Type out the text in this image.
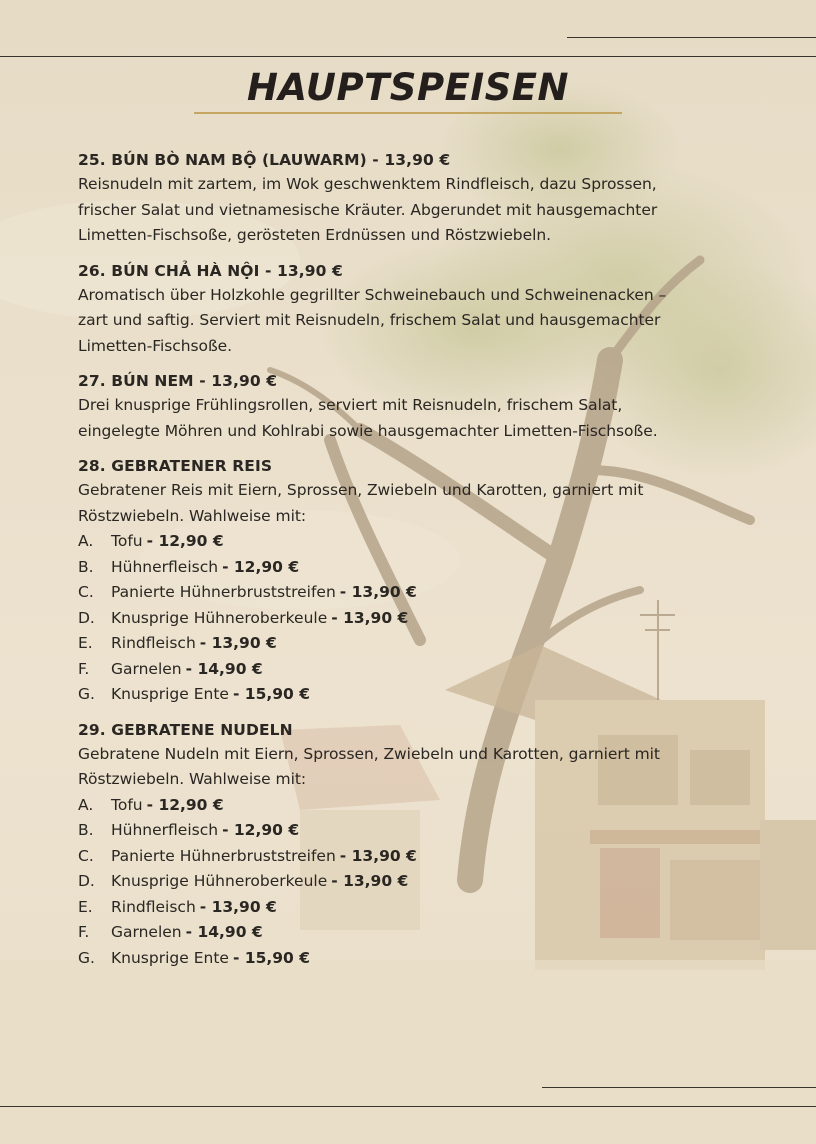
HAUPTSPEISEN
25. BÚN BÒ NAM BỘ (LAUWARM) - 13,90 €
Reisnudeln mit zartem, im Wok geschwenktem Rindfleisch, dazu Sprossen,
frischer Salat und vietnamesische Kräuter. Abgerundet mit hausgemachter
Limetten-Fischsoße, gerösteten Erdnüssen und Röstzwiebeln.
26. BÚN CHẢ HÀ NỘI - 13,90 €
Aromatisch über Holzkohle gegrillter Schweinebauch und Schweinenacken –
zart und saftig. Serviert mit Reisnudeln, frischem Salat und hausgemachter
Limetten-Fischsoße.
27. BÚN NEM - 13,90 €
Drei knusprige Frühlingsrollen, serviert mit Reisnudeln, frischem Salat,
eingelegte Möhren und Kohlrabi sowie hausgemachter Limetten-Fischsoße.
28. GEBRATENER REIS
Gebratener Reis mit Eiern, Sprossen, Zwiebeln und Karotten, garniert mit
Röstzwiebeln. Wahlweise mit:
A.	Tofu - 12,90 €
B.	Hühnerfleisch - 12,90 €
C.	Panierte Hühnerbruststreifen - 13,90 €
D.	Knusprige Hühneroberkeule - 13,90 €
E.	Rindfleisch - 13,90 €
F.	Garnelen - 14,90 €
G.	Knusprige Ente - 15,90 €
29. GEBRATENE NUDELN
Gebratene Nudeln mit Eiern, Sprossen, Zwiebeln und Karotten, garniert mit
Röstzwiebeln. Wahlweise mit:
A.	Tofu - 12,90 €
B.	Hühnerfleisch - 12,90 €
C.	Panierte Hühnerbruststreifen - 13,90 €
D.	Knusprige Hühneroberkeule - 13,90 €
E.	Rindfleisch - 13,90 €
F.	Garnelen - 14,90 €
G.	Knusprige Ente - 15,90 €
